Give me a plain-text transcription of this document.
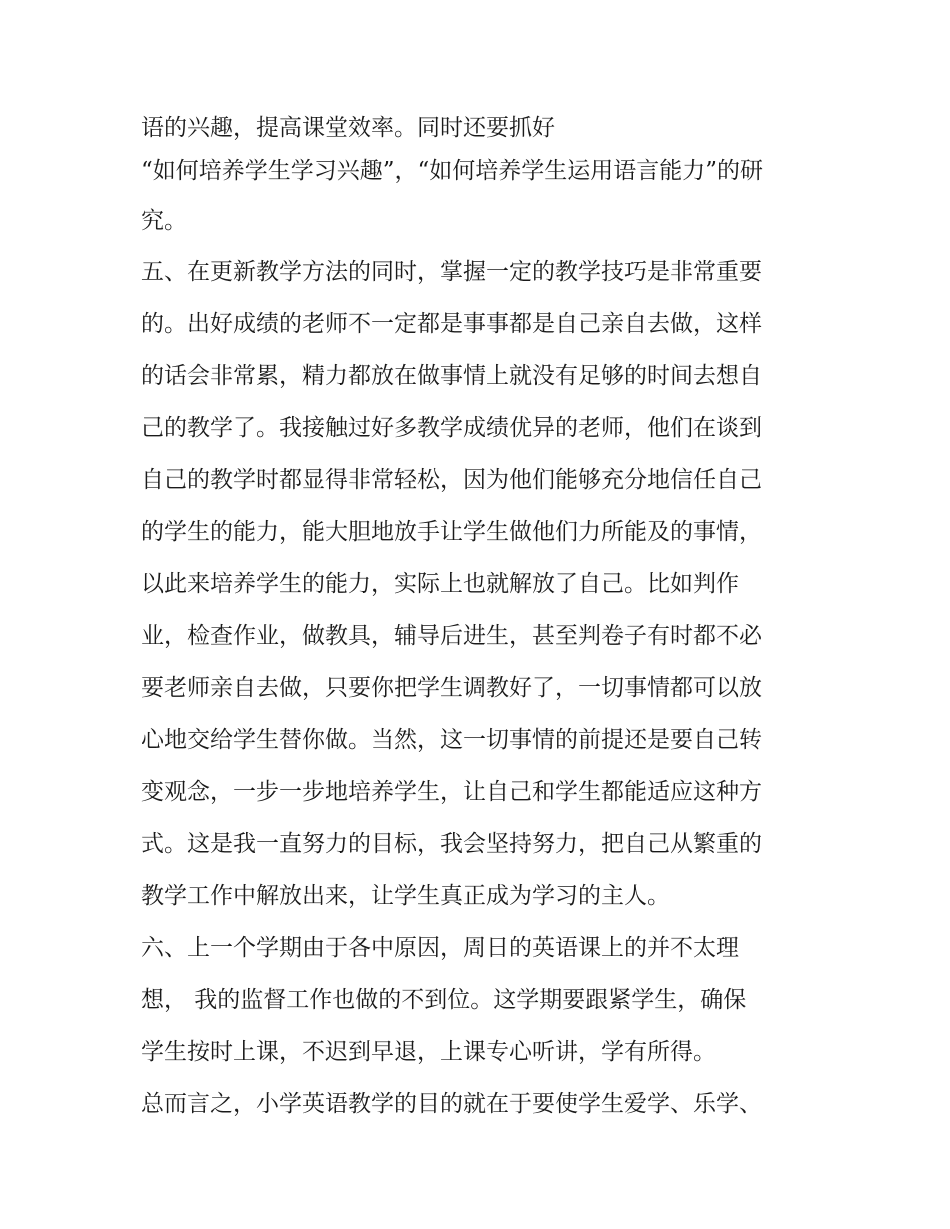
语的兴趣，提高课堂效率。同时还要抓好
“如何培养学生学习兴趣”，“如何培养学生运用语言能力”的研
究。
五、在更新教学方法的同时，掌握一定的教学技巧是非常重要
的。出好成绩的老师不一定都是事事都是自己亲自去做，这样
的话会非常累，精力都放在做事情上就没有足够的时间去想自
己的教学了。我接触过好多教学成绩优异的老师，他们在谈到
自己的教学时都显得非常轻松，因为他们能够充分地信任自己
的学生的能力，能大胆地放手让学生做他们力所能及的事情，
以此来培养学生的能力，实际上也就解放了自己。比如判作
业，检查作业，做教具，辅导后进生，甚至判卷子有时都不必
要老师亲自去做，只要你把学生调教好了，一切事情都可以放
心地交给学生替你做。当然，这一切事情的前提还是要自己转
变观念，一步一步地培养学生，让自己和学生都能适应这种方
式。这是我一直努力的目标，我会坚持努力，把自己从繁重的
教学工作中解放出来，让学生真正成为学习的主人。
六、上一个学期由于各中原因，周日的英语课上的并不太理
想， 我的监督工作也做的不到位。这学期要跟紧学生，确保
学生按时上课，不迟到早退，上课专心听讲，学有所得。
总而言之，小学英语教学的目的就在于要使学生爱学、乐学、
